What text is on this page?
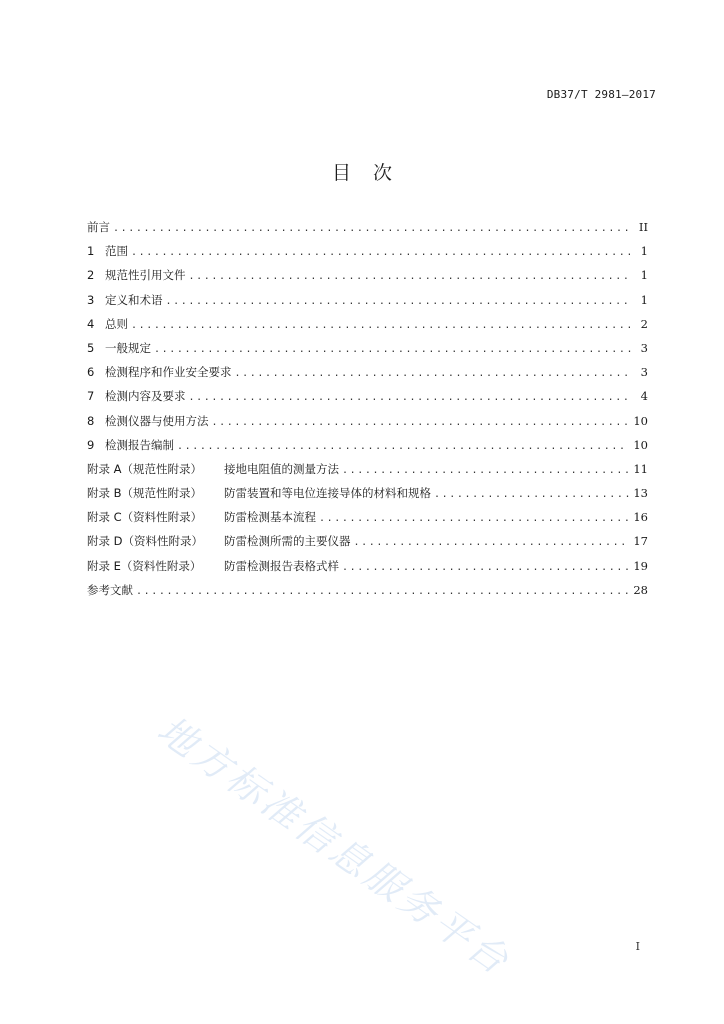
DB37/T 2981—2017
目次
前言 .....	II
1 范围 .....	1
2 规范性引用文件 .....	1
3 定义和术语 .....	1
4 总则 .....	2
5 一般规定 .....	3
6 检测程序和作业安全要求 .....	3
7 检测内容及要求 .....	4
8 检测仪器与使用方法 .....	10
9 检测报告编制 .....	10
附录 A（规范性附录）	接地电阻值的测量方法 .....	11
附录 B（规范性附录）	防雷装置和等电位连接导体的材料和规格 .....	13
附录 C（资料性附录）	防雷检测基本流程 .....	16
附录 D（资料性附录）	防雷检测所需的主要仪器 .....	17
附录 E（资料性附录）	防雷检测报告表格式样 .....	19
参考文献 .....	28
地方标准信息服务平台	I
